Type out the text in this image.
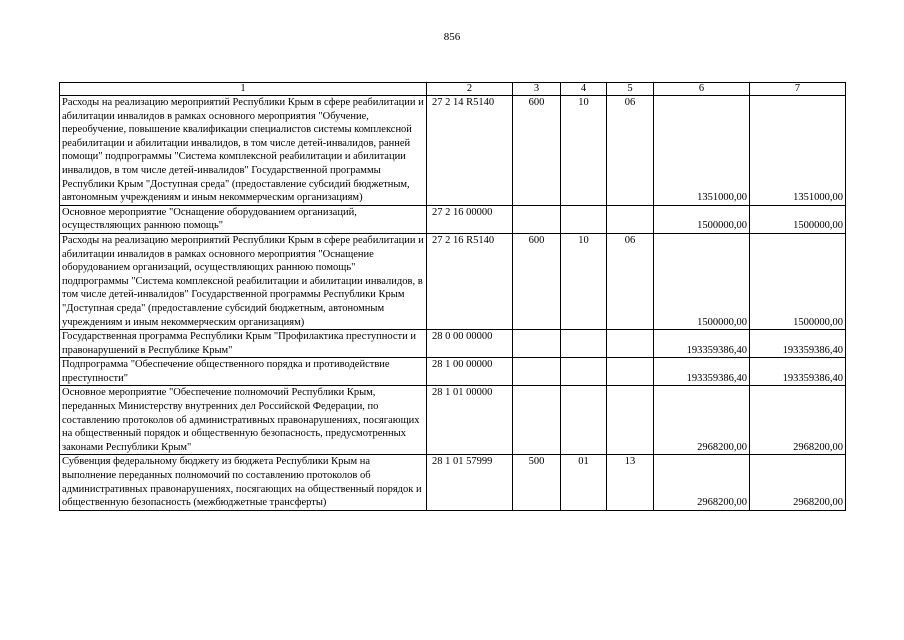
856
1	2	3	4	5	6	7
Расходы на реализацию мероприятий Республики Крым в сфере реабилитации и абилитации инвалидов в рамках основного мероприятия "Обучение, переобучение, повышение квалификации специалистов системы комплексной реабилитации и абилитации инвалидов, в том числе детей-инвалидов, ранней помощи" подпрограммы "Система комплексной реабилитации и абилитации инвалидов, в том числе детей-инвалидов" Государственной программы Республики Крым "Доступная среда" (предоставление субсидий бюджетным, автономным учреждениям и иным некоммерческим организациям)	27 2 14 R5140	600	10	06	1351000,00	1351000,00
Основное мероприятие "Оснащение оборудованием организаций, осуществляющих раннюю помощь"	27 2 16 00000				1500000,00	1500000,00
Расходы на реализацию мероприятий Республики Крым в сфере реабилитации и абилитации инвалидов в рамках основного мероприятия "Оснащение оборудованием организаций, осуществляющих раннюю помощь" подпрограммы "Система комплексной реабилитации и абилитации инвалидов, в том числе детей-инвалидов" Государственной программы Республики Крым "Доступная среда" (предоставление субсидий бюджетным, автономным учреждениям и иным некоммерческим организациям)	27 2 16 R5140	600	10	06	1500000,00	1500000,00
Государственная программа Республики Крым "Профилактика преступности и правонарушений в Республике Крым"	28 0 00 00000				193359386,40	193359386,40
Подпрограмма "Обеспечение общественного порядка и противодействие преступности"	28 1 00 00000				193359386,40	193359386,40
Основное мероприятие "Обеспечение полномочий Республики Крым, переданных Министерству внутренних дел Российской Федерации, по составлению протоколов об административных правонарушениях, посягающих на общественный порядок и общественную безопасность, предусмотренных законами Республики Крым"	28 1 01 00000				2968200,00	2968200,00
Субвенция федеральному бюджету из бюджета Республики Крым на выполнение переданных полномочий по составлению протоколов об административных правонарушениях, посягающих на общественный порядок и общественную безопасность (межбюджетные трансферты)	28 1 01 57999	500	01	13	2968200,00	2968200,00
